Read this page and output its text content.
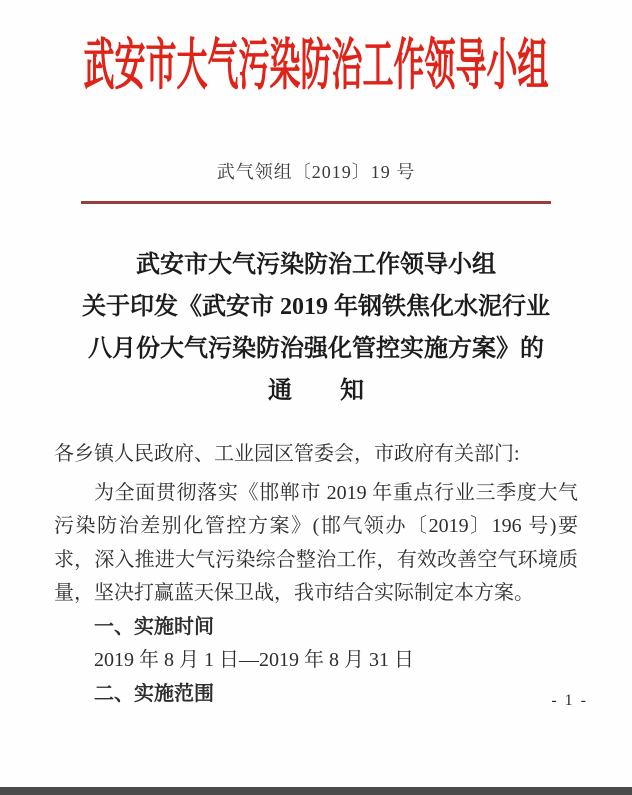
武安市大气污染防治工作领导小组
武气领组〔2019〕19 号
武安市大气污染防治工作领导小组
关于印发《武安市 2019 年钢铁焦化水泥行业
八月份大气污染防治强化管控实施方案》的
通　　知

各乡镇人民政府、工业园区管委会，市政府有关部门:

为全面贯彻落实《邯郸市 2019 年重点行业三季度大气污染防治差别化管控方案》(邯气领办〔2019〕196 号)要求，深入推进大气污染综合整治工作，有效改善空气环境质量，坚决打赢蓝天保卫战，我市结合实际制定本方案。

一、实施时间

2019 年 8 月 1 日—2019 年 8 月 31 日

二、实施范围	- 1 -
